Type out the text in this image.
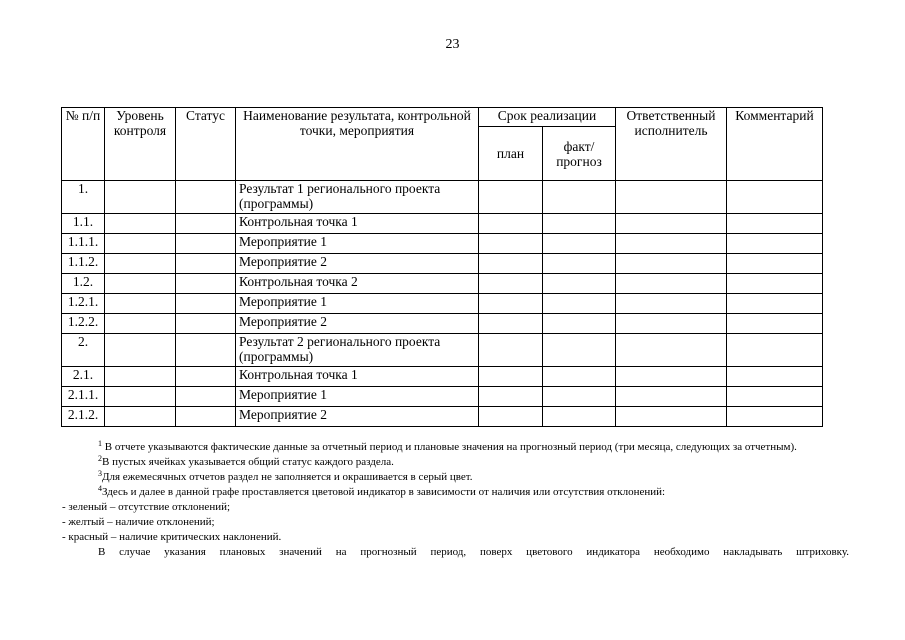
23
№ п/п	Уровень контроля	Статус	Наименование результата, контрольной точки, мероприятия	Срок реализации		Ответственный исполнитель	Комментарий
				план	факт/ прогноз		
1.			Результат 1 регионального проекта (программы)				
1.1.			Контрольная точка 1				
1.1.1.			Мероприятие 1				
1.1.2.			Мероприятие 2				
1.2.			Контрольная точка 2				
1.2.1.			Мероприятие 1				
1.2.2.			Мероприятие 2				
2.			Результат 2 регионального проекта (программы)				
2.1.			Контрольная точка 1				
2.1.1.			Мероприятие 1				
2.1.2.			Мероприятие 2				

$^1$ В отчете указываются фактические данные за отчетный период и плановые значения на прогнозный период (три месяца, следующих за отчетным).

$^2$В пустых ячейках указывается общий статус каждого раздела.

$^3$Для ежемесячных отчетов раздел не заполняется и окрашивается в серый цвет.

$^4$Здесь и далее в данной графе проставляется цветовой индикатор в зависимости от наличия или отсутствия отклонений:

- зеленый – отсутствие отклонений;

- желтый – наличие отклонений;

- красный – наличие критических наклонений.

В случае указания плановых значений на прогнозный период, поверх цветового индикатора необходимо накладывать штриховку.
